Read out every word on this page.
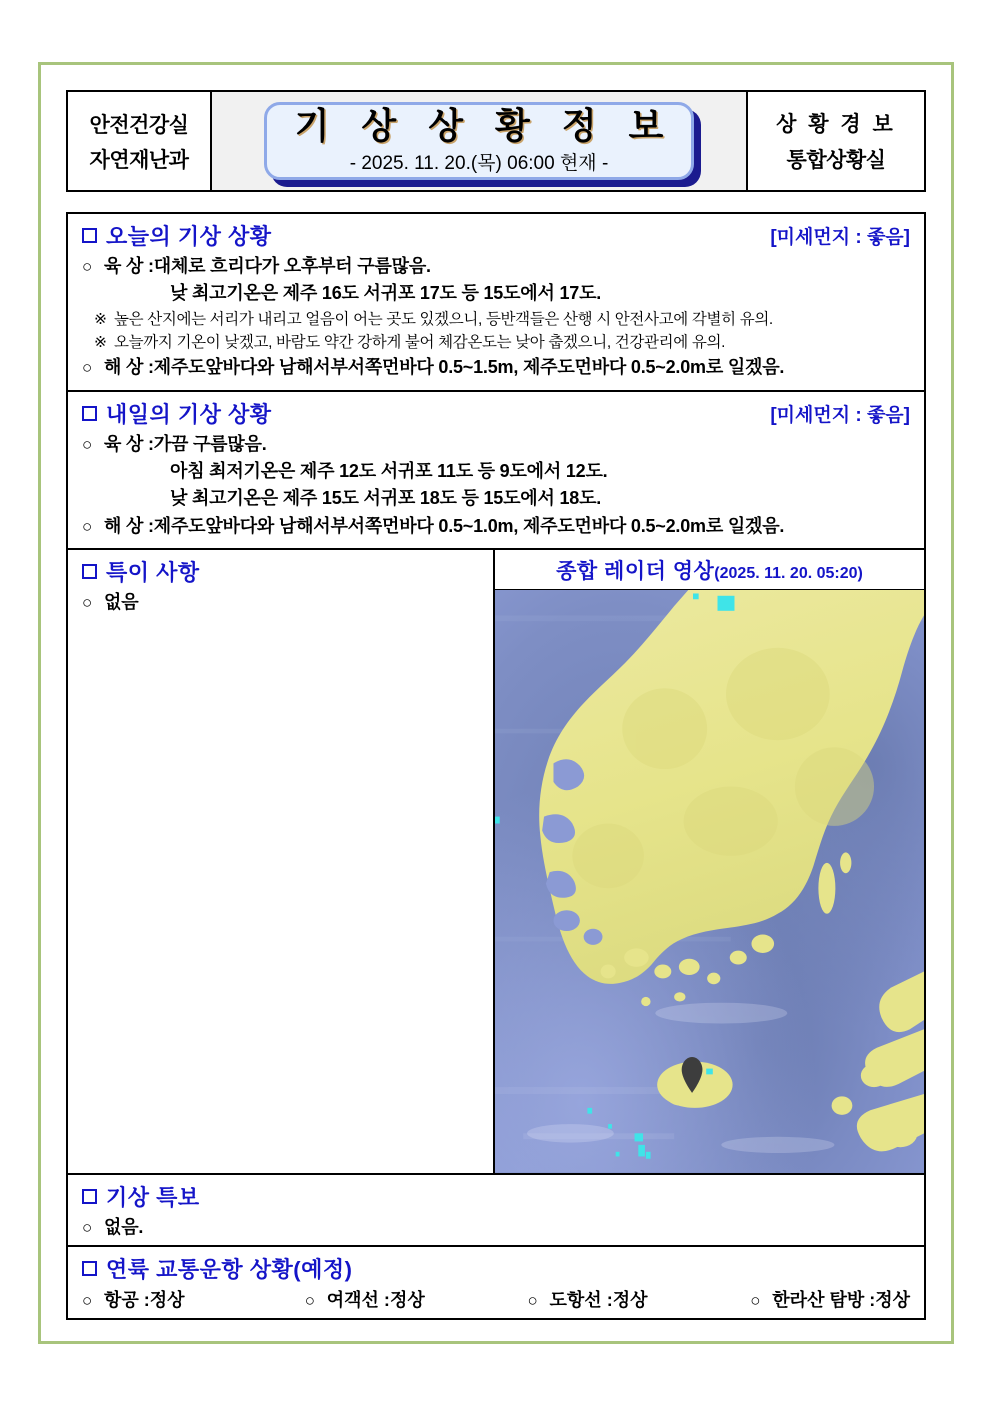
안전건강실
자연재난과
기 상 상 황 정 보
- 2025. 11. 20.(목) 06:00 현재 -
상 황 경 보
통합상황실
오늘의 기상 상황	[미세먼지 : 좋음]
○ 육 상 : 대체로 흐리다가 오후부터 구름많음.
낮 최고기온은 제주 16도 서귀포 17도 등 15도에서 17도.
※ 높은 산지에는 서리가 내리고 얼음이 어는 곳도 있겠으니, 등반객들은 산행 시 안전사고에 각별히 유의.
※ 오늘까지 기온이 낮겠고, 바람도 약간 강하게 불어 체감온도는 낮아 춥겠으니, 건강관리에 유의.
○ 해 상 : 제주도앞바다와 남해서부서쪽먼바다 0.5~1.5m, 제주도먼바다 0.5~2.0m로 일겠음.
내일의 기상 상황	[미세먼지 : 좋음]
○ 육 상 : 가끔 구름많음.
아침 최저기온은 제주 12도 서귀포 11도 등 9도에서 12도.
낮 최고기온은 제주 15도 서귀포 18도 등 15도에서 18도.
○ 해 상 : 제주도앞바다와 남해서부서쪽먼바다 0.5~1.0m, 제주도먼바다 0.5~2.0m로 일겠음.
특이 사항
○ 없음
종합 레이더 영상(2025. 11. 20. 05:20)
기상 특보
○ 없음.
연륙 교통운항 상황(예정)
○ 항공 : 정상	○ 여객선 : 정상	○ 도항선 : 정상	○ 한라산 탐방 : 정상
